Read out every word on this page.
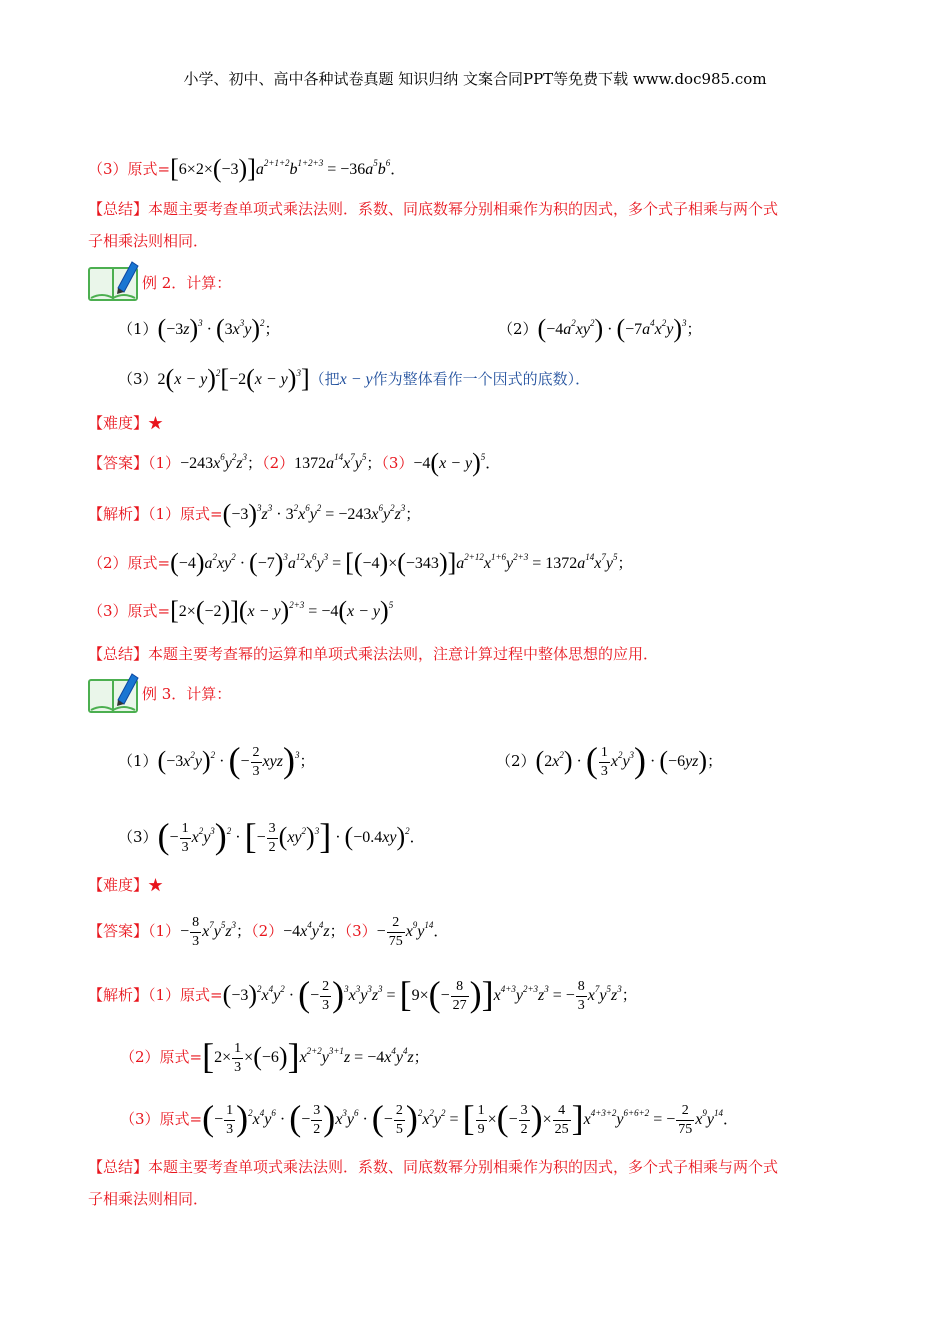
小学、初中、高中各种试卷真题 知识归纳 文案合同PPT等免费下载 www.doc985.com
（3）原式$=[6\times 2\times(-3)]a^{2+1+2}b^{1+2+3} = -36a^5b^6$．
【总结】本题主要考查单项式乘法法则．系数、同底数幂分别相乘作为积的因式，多个式子相乘与两个式
子相乘法则相同．
例 2．计算：
$(1)(-3z)^3 \cdot (3x^3y)^2$；	$(2)(-4a^2xy^2) \cdot (-7a^4x^2y)^3$；
$(3)2(x - y)^2[-2(x - y)^3]$（把x − y作为整体看作一个因式的底数）．
【难度】★
【答案】$(1)-243x^6y^2z^3$；$(2)1372a^{14}x^7y^5$；$(3)-4(x - y)^5$．
【解析】（1）原式$=(-3)^3z^3 \cdot 3^2x^6y^2 = -243x^6y^2z^3$；
（2）原式$=(-4)a^2xy^2 \cdot (-7)^3a^{12}x^6y^3 = [(-4)\times(-343)]a^{2+12}x^{1+6}y^{2+3} = 1372a^{14}x^7y^5$；
（3）原式$=[2\times(-2)](x - y)^{2+3} = -4(x - y)^5$
【总结】本题主要考查幂的运算和单项式乘法法则，注意计算过程中整体思想的应用．
例 3．计算：
$(1)(-3x^2y)^2$ · (− $\frac{2}{3} xyz)^3$；	$(2)(2x^2)$ · ( $\frac{1}{3} x^2y^3) \cdot (-6yz)$；
$(3)(- \frac{1}{3} x^2y^3)^2$ · [− $\frac{3}{2} (xy^2)^3] \cdot (-0.4xy)^2$．
【难度】★
【答案】$(1)- \frac{8}{3} x^7y^5z^3$；$(2)-4x^4y^4z$；$(3)- \frac{2}{75} x^9y^{14}$．
【解析】（1）原式$=(-3)^2x^4y^2$ · (− $\frac{2}{3} )^3x^3y^3z^3 = [9\times(- \frac{8}{27} )]x^{4+3}y^{2+3}z^3$ = − $\frac{8}{3} x^7y^5z^3$；
（2）原式$=[2\times \frac{1}{3} \times(-6)]x^{2+2}y^{3+1}z = -4x^4y^4z$；
（3）原式=(− $\frac{1}{3} )^2x^4y^6$ · (− $\frac{3}{2} )x^3y^6$ · (− $\frac{2}{5} )^2x^2y^2$ = [ $\frac{1}{9}$ ×(− $\frac{3}{2}$ )× $\frac{4}{25} ]x^{4+3+2}y^{6+6+2}$ = − $\frac{2}{75} x^9y^{14}$．
【总结】本题主要考查单项式乘法法则．系数、同底数幂分别相乘作为积的因式，多个式子相乘与两个式
子相乘法则相同．
